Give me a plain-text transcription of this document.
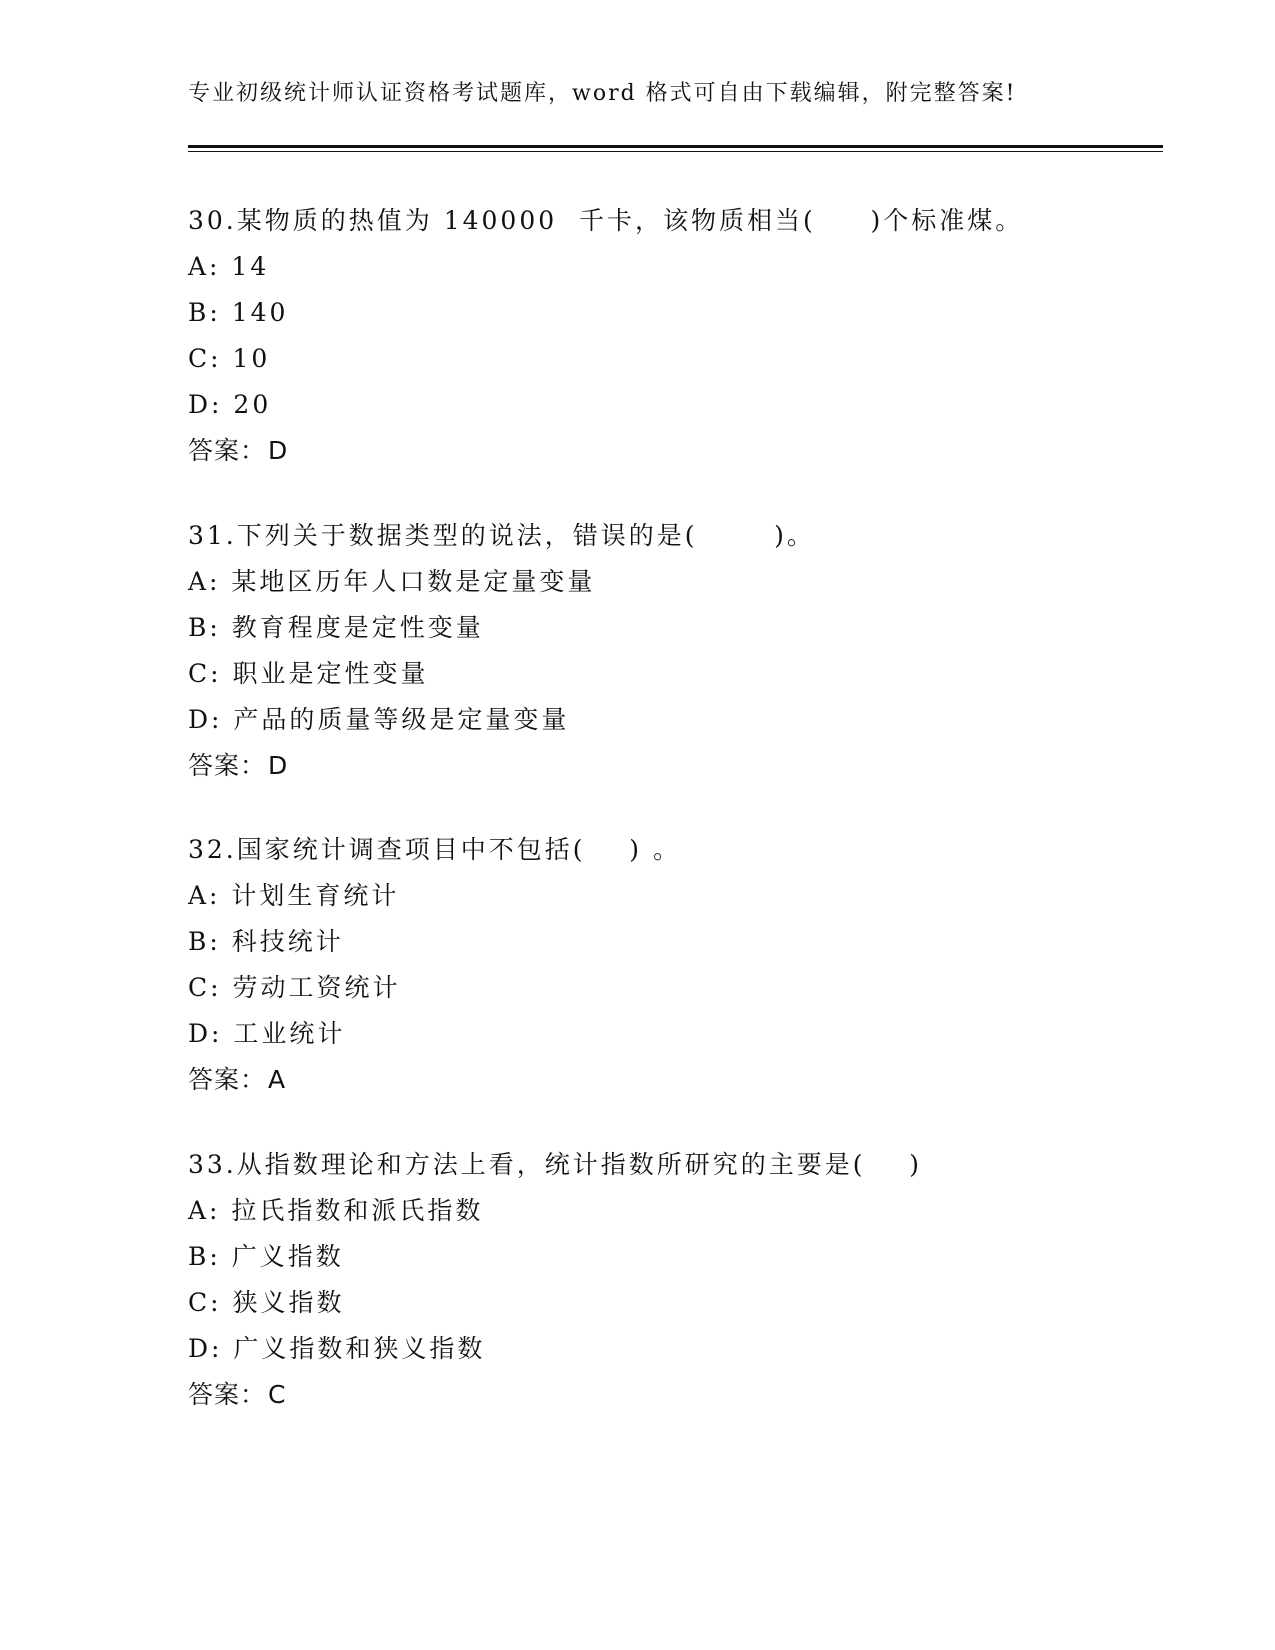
专业初级统计师认证资格考试题库，word 格式可自由下载编辑，附完整答案!
30.某物质的热值为 140000  千卡，该物质相当(     )个标准煤。
A: 14
B: 140
C: 10
D: 20
答案：D
31.下列关于数据类型的说法，错误的是(       )。
A: 某地区历年人口数是定量变量
B: 教育程度是定性变量
C: 职业是定性变量
D: 产品的质量等级是定量变量
答案：D
32.国家统计调查项目中不包括(    ) 。
A: 计划生育统计
B: 科技统计
C: 劳动工资统计
D: 工业统计
答案：A
33.从指数理论和方法上看，统计指数所研究的主要是(    )
A: 拉氏指数和派氏指数
B: 广义指数
C: 狭义指数
D: 广义指数和狭义指数
答案：C
